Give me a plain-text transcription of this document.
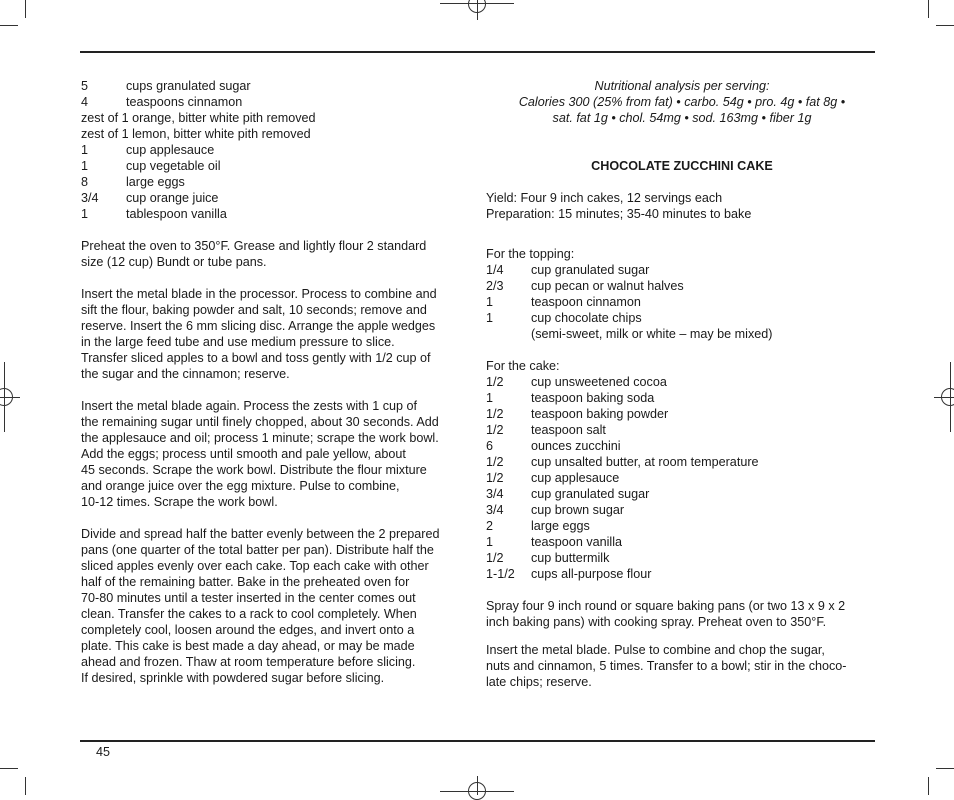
5	cups granulated sugar
4	teaspoons cinnamon
zest of 1 orange, bitter white pith removed
zest of 1 lemon, bitter white pith removed
1	cup applesauce
1	cup vegetable oil
8	large eggs
3/4	cup orange juice
1	tablespoon vanilla
Preheat the oven to 350°F. Grease and lightly flour 2 standard
size (12 cup) Bundt or tube pans.
Insert the metal blade in the processor. Process to combine and
sift the flour, baking powder and salt, 10 seconds; remove and
reserve. Insert the 6 mm slicing disc. Arrange the apple wedges
in the large feed tube and use medium pressure to slice.
Transfer sliced apples to a bowl and toss gently with 1/2 cup of
the sugar and the cinnamon; reserve.
Insert the metal blade again. Process the zests with 1 cup of
the remaining sugar until finely chopped, about 30 seconds. Add
the applesauce and oil; process 1 minute; scrape the work bowl.
Add the eggs; process until smooth and pale yellow, about
45 seconds. Scrape the work bowl. Distribute the flour mixture
and orange juice over the egg mixture. Pulse to combine,
10-12 times. Scrape the work bowl.
Divide and spread half the batter evenly between the 2 prepared
pans (one quarter of the total batter per pan). Distribute half the
sliced apples evenly over each cake. Top each cake with other
half of the remaining batter. Bake in the preheated oven for
70-80 minutes until a tester inserted in the center comes out
clean. Transfer the cakes to a rack to cool completely. When
completely cool, loosen around the edges, and invert onto a
plate. This cake is best made a day ahead, or may be made
ahead and frozen. Thaw at room temperature before slicing.
If desired, sprinkle with powdered sugar before slicing.
Nutritional analysis per serving:
Calories 300 (25% from fat) • carbo. 54g • pro. 4g • fat 8g •
sat. fat 1g • chol. 54mg • sod. 163mg • fiber 1g
CHOCOLATE ZUCCHINI CAKE
Yield: Four 9 inch cakes, 12 servings each
Preparation: 15 minutes; 35-40 minutes to bake
For the topping:
1/4	cup granulated sugar
2/3	cup pecan or walnut halves
1	teaspoon cinnamon
1	cup chocolate chips
(semi-sweet, milk or white – may be mixed)
For the cake:
1/2	cup unsweetened cocoa
1	teaspoon baking soda
1/2	teaspoon baking powder
1/2	teaspoon salt
6	ounces zucchini
1/2	cup unsalted butter, at room temperature
1/2	cup applesauce
3/4	cup granulated sugar
3/4	cup brown sugar
2	large eggs
1	teaspoon vanilla
1/2	cup buttermilk
1-1/2	cups all-purpose flour
Spray four 9 inch round or square baking pans (or two 13 x 9 x 2
inch baking pans) with cooking spray. Preheat oven to 350°F.
Insert the metal blade. Pulse to combine and chop the sugar,
nuts and cinnamon, 5 times. Transfer to a bowl; stir in the choco-
late chips; reserve.
45
